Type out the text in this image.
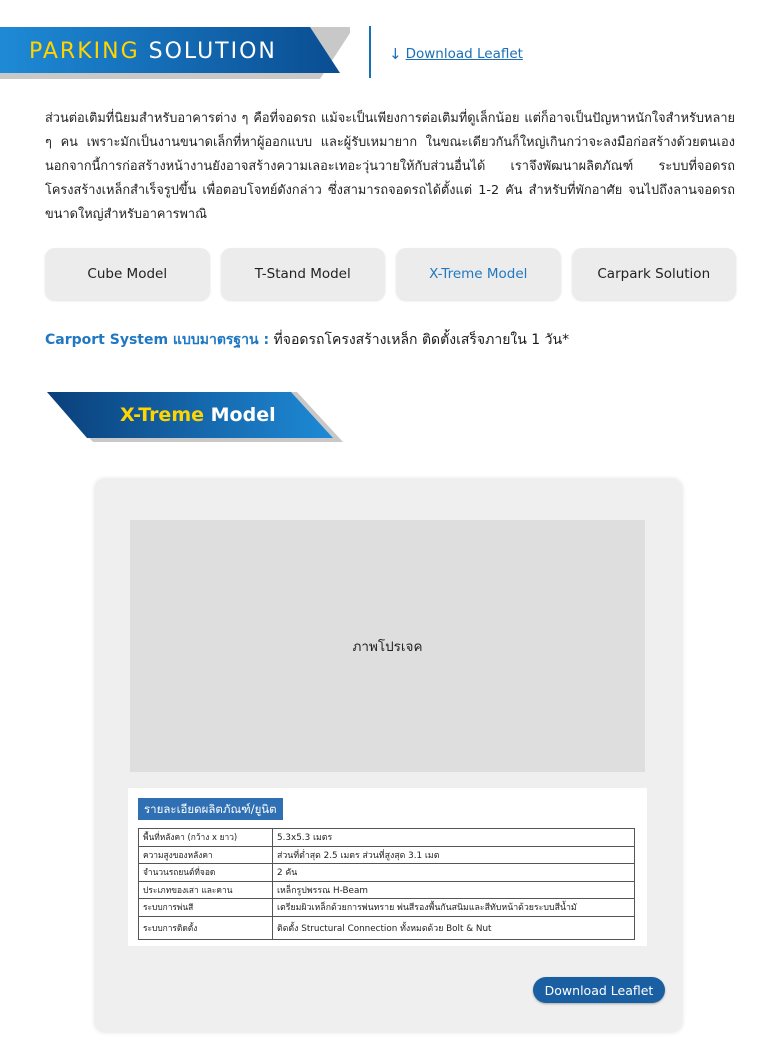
PARKING SOLUTION	↓ Download Leaflet

ส่วนต่อเติมที่นิยมสำหรับอาคารต่าง ๆ คือที่จอดรถ แม้จะเป็นเพียงการต่อเติมที่ดูเล็กน้อย แต่ก็อาจเป็นปัญหาหนักใจสำหรับหลาย ๆ คน เพราะมักเป็นงานขนาดเล็กที่หาผู้ออกแบบ และผู้รับเหมายาก ในขณะเดียวกันก็ใหญ่เกินกว่าจะลงมือก่อสร้างด้วยตนเอง นอกจากนี้การก่อสร้างหน้างานยังอาจสร้างความเลอะเทอะวุ่นวายให้กับส่วนอื่นได้ เราจึงพัฒนาผลิตภัณฑ์ ระบบที่จอดรถโครงสร้างเหล็กสำเร็จรูปขึ้น เพื่อตอบโจทย์ดังกล่าว ซึ่งสามารถจอดรถได้ตั้งแต่ 1-2 คัน สำหรับที่พักอาศัย จนไปถึงลานจอดรถขนาดใหญ่สำหรับอาคารพาณิ

Cube Model	T-Stand Model	X-Treme Model	Carpark Solution
Carport System แบบมาตรฐาน : ที่จอดรถโครงสร้างเหล็ก ติดตั้งเสร็จภายใน 1 วัน*
X-Treme Model
ภาพโปรเจค
รายละเอียดผลิตภัณฑ์/ยูนิต
พื้นที่หลังคา (กว้าง x ยาว)	5.3x5.3 เมตร
ความสูงของหลังคา	ส่วนที่ต่ำสุด 2.5 เมตร ส่วนที่สูงสุด 3.1 เมต
จำนวนรถยนต์ที่จอด	2 คัน
ประเภทของเสา และคาน	เหล็กรูปพรรณ H-Beam
ระบบการพ่นสี	เตรียมผิวเหล็กด้วยการพ่นทราย พ่นสีรองพื้นกันสนิมและสีทับหน้าด้วยระบบสีน้ำมั
ระบบการติดตั้ง	ติดตั้ง Structural Connection ทั้งหมดด้วย Bolt & Nut
Download Leaflet
